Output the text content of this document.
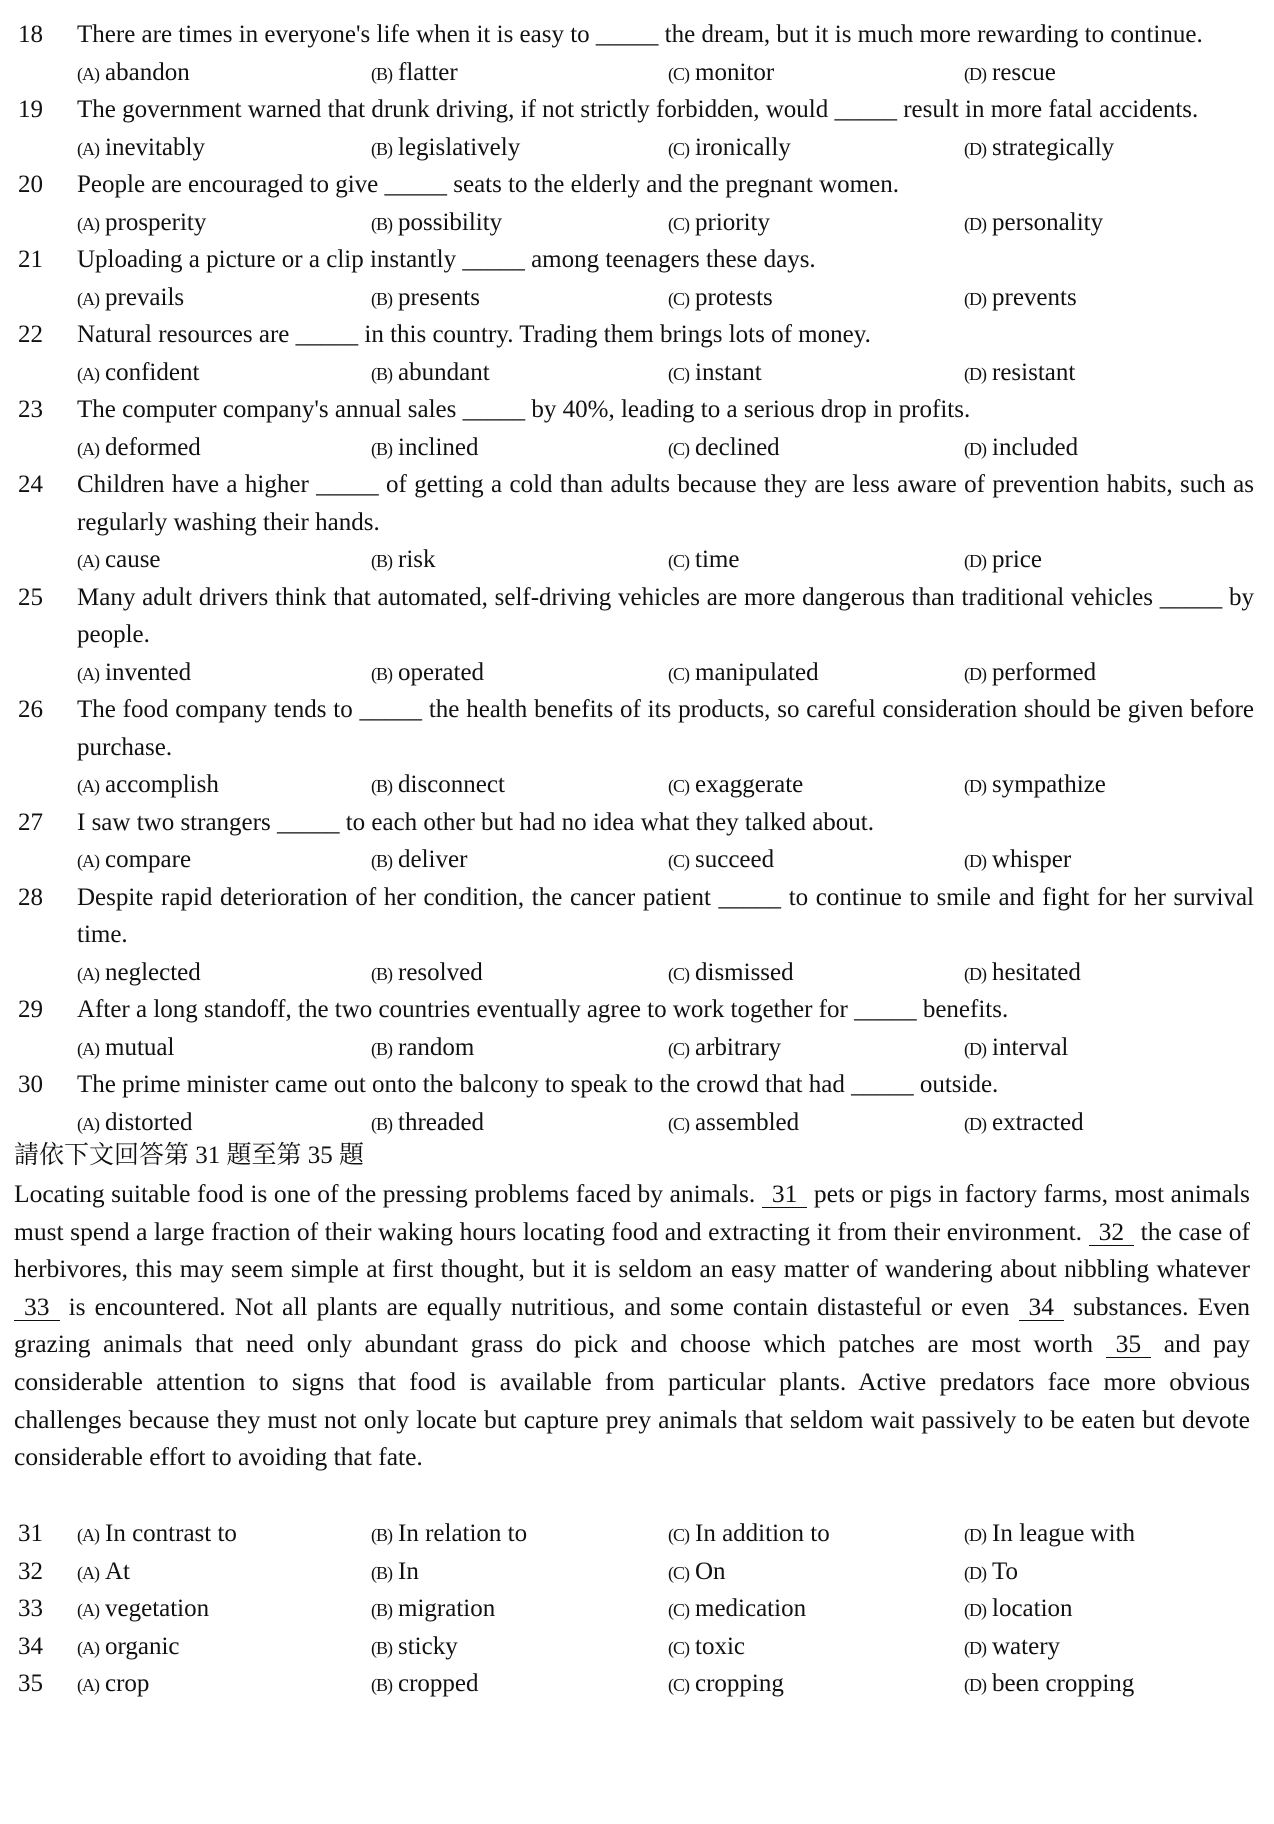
18	There are times in everyone's life when it is easy to _____ the dream, but it is much more rewarding to continue.
(A) abandon	(B) flatter	(C) monitor	(D) rescue
19	The government warned that drunk driving, if not strictly forbidden, would _____ result in more fatal accidents.
(A) inevitably	(B) legislatively	(C) ironically	(D) strategically
20	People are encouraged to give _____ seats to the elderly and the pregnant women.
(A) prosperity	(B) possibility	(C) priority	(D) personality
21	Uploading a picture or a clip instantly _____ among teenagers these days.
(A) prevails	(B) presents	(C) protests	(D) prevents
22	Natural resources are _____ in this country. Trading them brings lots of money.
(A) confident	(B) abundant	(C) instant	(D) resistant
23	The computer company's annual sales _____ by 40%, leading to a serious drop in profits.
(A) deformed	(B) inclined	(C) declined	(D) included
24	Children have a higher _____ of getting a cold than adults because they are less aware of prevention habits, such as regularly washing their hands.
(A) cause	(B) risk	(C) time	(D) price
25	Many adult drivers think that automated, self-driving vehicles are more dangerous than traditional vehicles _____ by people.
(A) invented	(B) operated	(C) manipulated	(D) performed
26	The food company tends to _____ the health benefits of its products, so careful consideration should be given before purchase.
(A) accomplish	(B) disconnect	(C) exaggerate	(D) sympathize
27	I saw two strangers _____ to each other but had no idea what they talked about.
(A) compare	(B) deliver	(C) succeed	(D) whisper
28	Despite rapid deterioration of her condition, the cancer patient _____ to continue to smile and fight for her survival time.
(A) neglected	(B) resolved	(C) dismissed	(D) hesitated
29	After a long standoff, the two countries eventually agree to work together for _____ benefits.
(A) mutual	(B) random	(C) arbitrary	(D) interval
30	The prime minister came out onto the balcony to speak to the crowd that had _____ outside.
(A) distorted	(B) threaded	(C) assembled	(D) extracted
請依下文回答第 31 題至第 35 題
Locating suitable food is one of the pressing problems faced by animals. 31 pets or pigs in factory farms, most animals must spend a large fraction of their waking hours locating food and extracting it from their environment. 32 the case of herbivores, this may seem simple at first thought, but it is seldom an easy matter of wandering about nibbling whatever 33 is encountered. Not all plants are equally nutritious, and some contain distasteful or even 34 substances. Even grazing animals that need only abundant grass do pick and choose which patches are most worth 35 and pay considerable attention to signs that food is available from particular plants. Active predators face more obvious challenges because they must not only locate but capture prey animals that seldom wait passively to be eaten but devote considerable effort to avoiding that fate.
31	(A) In contrast to	(B) In relation to	(C) In addition to	(D) In league with
32	(A) At	(B) In	(C) On	(D) To
33	(A) vegetation	(B) migration	(C) medication	(D) location
34	(A) organic	(B) sticky	(C) toxic	(D) watery
35	(A) crop	(B) cropped	(C) cropping	(D) been cropping
